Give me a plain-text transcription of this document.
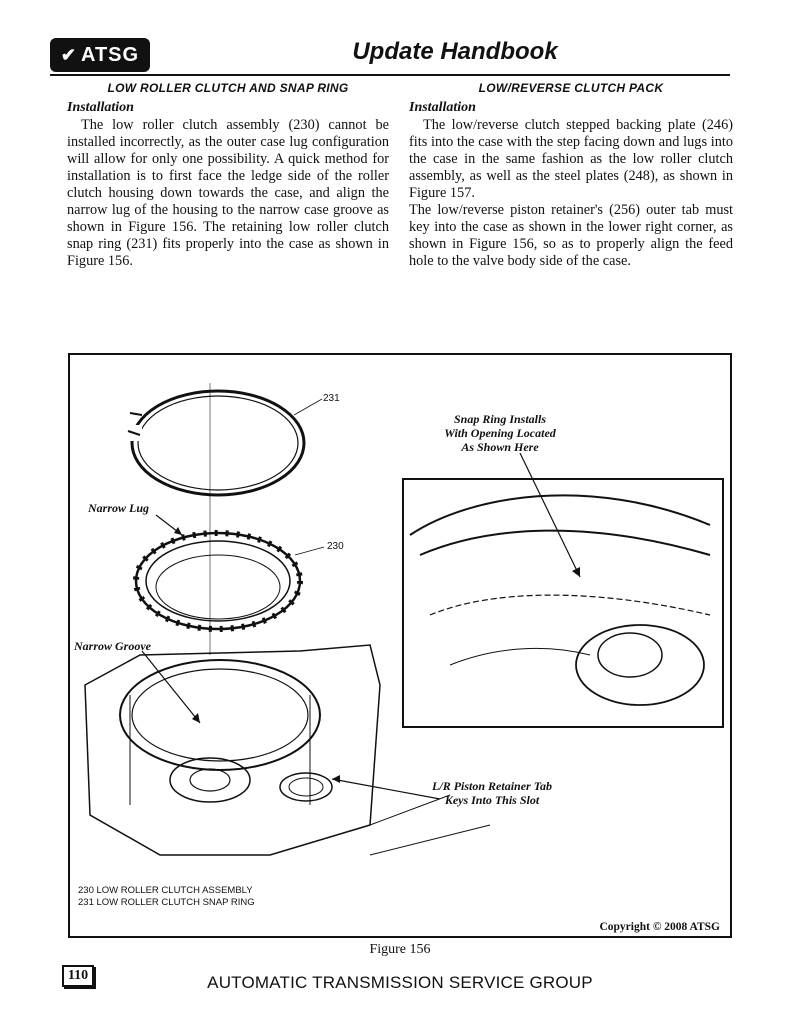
✔ ATSG	Update Handbook
LOW ROLLER CLUTCH AND SNAP RING
Installation

The low roller clutch assembly (230) cannot be installed incorrectly, as the outer case lug configuration will allow for only one possibility. A quick method for installation is to first face the ledge side of the roller clutch housing down towards the case, and align the narrow lug of the housing to the narrow case groove as shown in Figure 156. The retaining low roller clutch snap ring (231) fits properly into the case as shown in Figure 156.

LOW/REVERSE CLUTCH PACK
Installation

The low/reverse clutch stepped backing plate (246) fits into the case with the step facing down and lugs into the case in the same fashion as the low roller clutch assembly, as well as the steel plates (248), as shown in Figure 157.

The low/reverse piston retainer's (256) outer tab must key into the case as shown in the lower right corner, as shown in Figure 156, so as to properly align the feed hole to the valve body side of the case.

231
230
Narrow Lug
Narrow Groove
Snap Ring Installs
With Opening Located
As Shown Here
L/R Piston Retainer Tab
Keys Into This Slot
230 LOW ROLLER CLUTCH ASSEMBLY
231 LOW ROLLER CLUTCH SNAP RING
Copyright © 2008 ATSG
Figure 156
110	AUTOMATIC TRANSMISSION SERVICE GROUP
